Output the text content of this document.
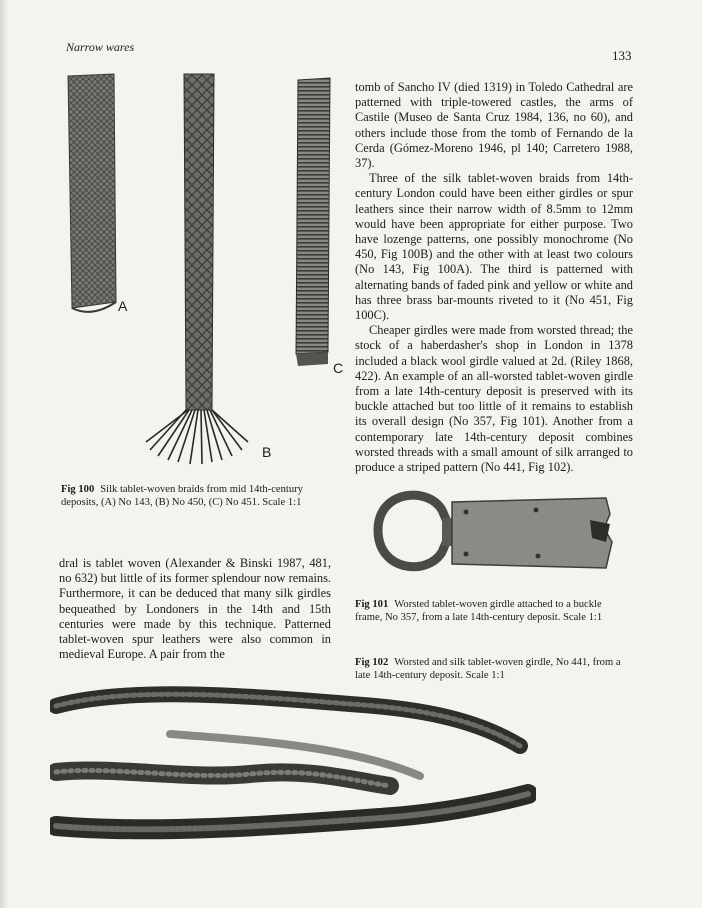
Narrow wares
133
A
B
C
Fig 100 Silk tablet-woven braids from mid 14th-century deposits, (A) No 143, (B) No 450, (C) No 451. Scale 1:1

tomb of Sancho IV (died 1319) in Toledo Cathedral are patterned with triple-towered castles, the arms of Castile (Museo de Santa Cruz 1984, 136, no 60), and others include those from the tomb of Fernando de la Cerda (Gómez-Moreno 1946, pl 140; Carretero 1988, 37).

Three of the silk tablet-woven braids from 14th-century London could have been either girdles or spur leathers since their narrow width of 8.5mm to 12mm would have been appropriate for either purpose. Two have lozenge patterns, one possibly monochrome (No 450, Fig 100B) and the other with at least two colours (No 143, Fig 100A). The third is patterned with alternating bands of faded pink and yellow or white and has three brass bar-mounts riveted to it (No 451, Fig 100C).

Cheaper girdles were made from worsted thread; the stock of a haberdasher's shop in London in 1378 included a black wool girdle valued at 2d. (Riley 1868, 422). An example of an all-worsted tablet-woven girdle from a late 14th-century deposit is preserved with its buckle attached but too little of it remains to establish its overall design (No 357, Fig 101). Another from a contemporary late 14th-century deposit combines worsted threads with a small amount of silk arranged to produce a striped pattern (No 441, Fig 102).

Fig 101 Worsted tablet-woven girdle attached to a buckle frame, No 357, from a late 14th-century deposit. Scale 1:1
Fig 102 Worsted and silk tablet-woven girdle, No 441, from a late 14th-century deposit. Scale 1:1

dral is tablet woven (Alexander & Binski 1987, 481, no 632) but little of its former splendour now remains. Furthermore, it can be deduced that many silk girdles bequeathed by Londoners in the 14th and 15th centuries were made by this technique. Patterned tablet-woven spur leathers were also common in medieval Europe. A pair from the
